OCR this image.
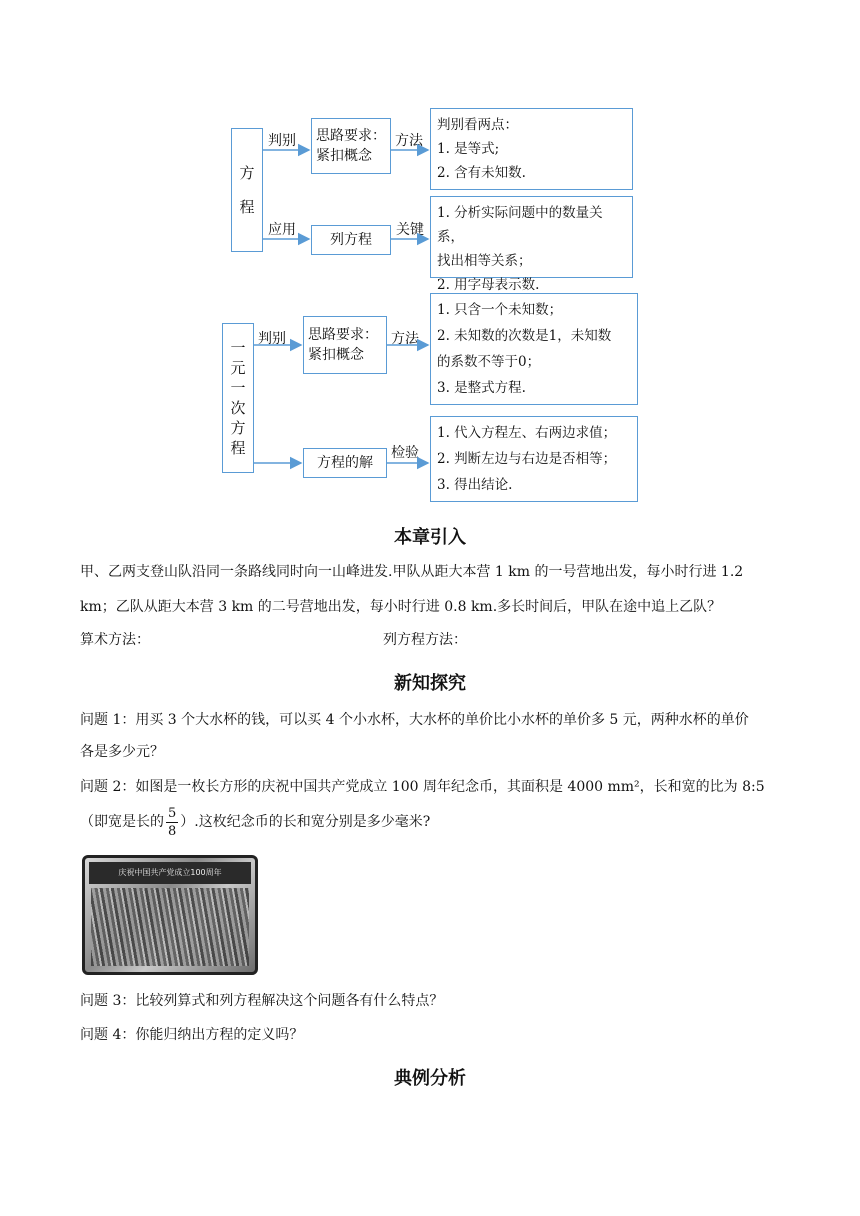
方
程
判别 思路要求：
紧扣概念
方法
判别看两点：
1. 是等式;
2. 含有未知数.
应用
列方程
关键
1. 分析实际问题中的数量关系，
找出相等关系；
2. 用字母表示数.
一
元
一
次
方
程
判别 思路要求：
紧扣概念
方法
1. 只含一个未知数；
2. 未知数的次数是1，未知数
的系数不等于0；
3. 是整式方程.
方程的解
检验
1. 代入方程左、右两边求值；
2. 判断左边与右边是否相等；
3. 得出结论.
本章引入
甲、乙两支登山队沿同一条路线同时向一山峰进发.甲队从距大本营 1 km 的一号营地出发，每小时行进 1.2
km；乙队从距大本营 3 km 的二号营地出发，每小时行进 0.8 km.多长时间后，甲队在途中追上乙队？
算术方法：	列方程方法：
新知探究
问题 1：用买 3 个大水杯的钱，可以买 4 个小水杯，大水杯的单价比小水杯的单价多 5 元，两种水杯的单价
各是多少元？
问题 2：如图是一枚长方形的庆祝中国共产党成立 100 周年纪念币，其面积是 4000 mm²，长和宽的比为 8:5
（即宽是长的 $\frac{5}{8}$ ）.这枚纪念币的长和宽分别是多少毫米?
庆祝中国共产党成立100周年
问题 3：比较列算式和列方程解决这个问题各有什么特点？
问题 4：你能归纳出方程的定义吗？
典例分析
